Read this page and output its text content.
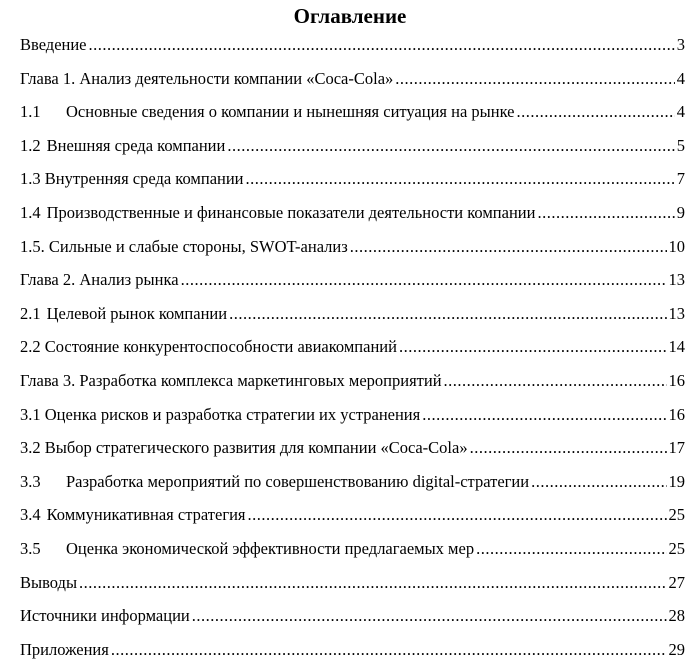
Оглавление
Введение .....	3
Глава 1. Анализ деятельности компании «Coca-Cola» .....	4
1.1	Основные сведения о компании и нынешняя ситуация на рынке .....	4
1.2 Внешняя среда компании .....	5
1.3 Внутренняя среда компании .....	7
1.4 Производственные и финансовые показатели деятельности компании .....	9
1.5. Сильные и слабые стороны, SWOT-анализ .....	10
Глава 2. Анализ рынка .....	13
2.1 Целевой рынок компании .....	13
2.2 Состояние конкурентоспособности авиакомпаний .....	14
Глава 3. Разработка комплекса маркетинговых мероприятий .....	16
3.1 Оценка рисков и разработка стратегии их устранения .....	16
3.2 Выбор стратегического развития для компании «Coca-Cola» .....	17
3.3	Разработка мероприятий по совершенствованию digital-стратегии .....	19
3.4 Коммуникативная стратегия .....	25
3.5	Оценка экономической эффективности предлагаемых мер .....	25
Выводы .....	27
Источники информации .....	28
Приложения .....	29
